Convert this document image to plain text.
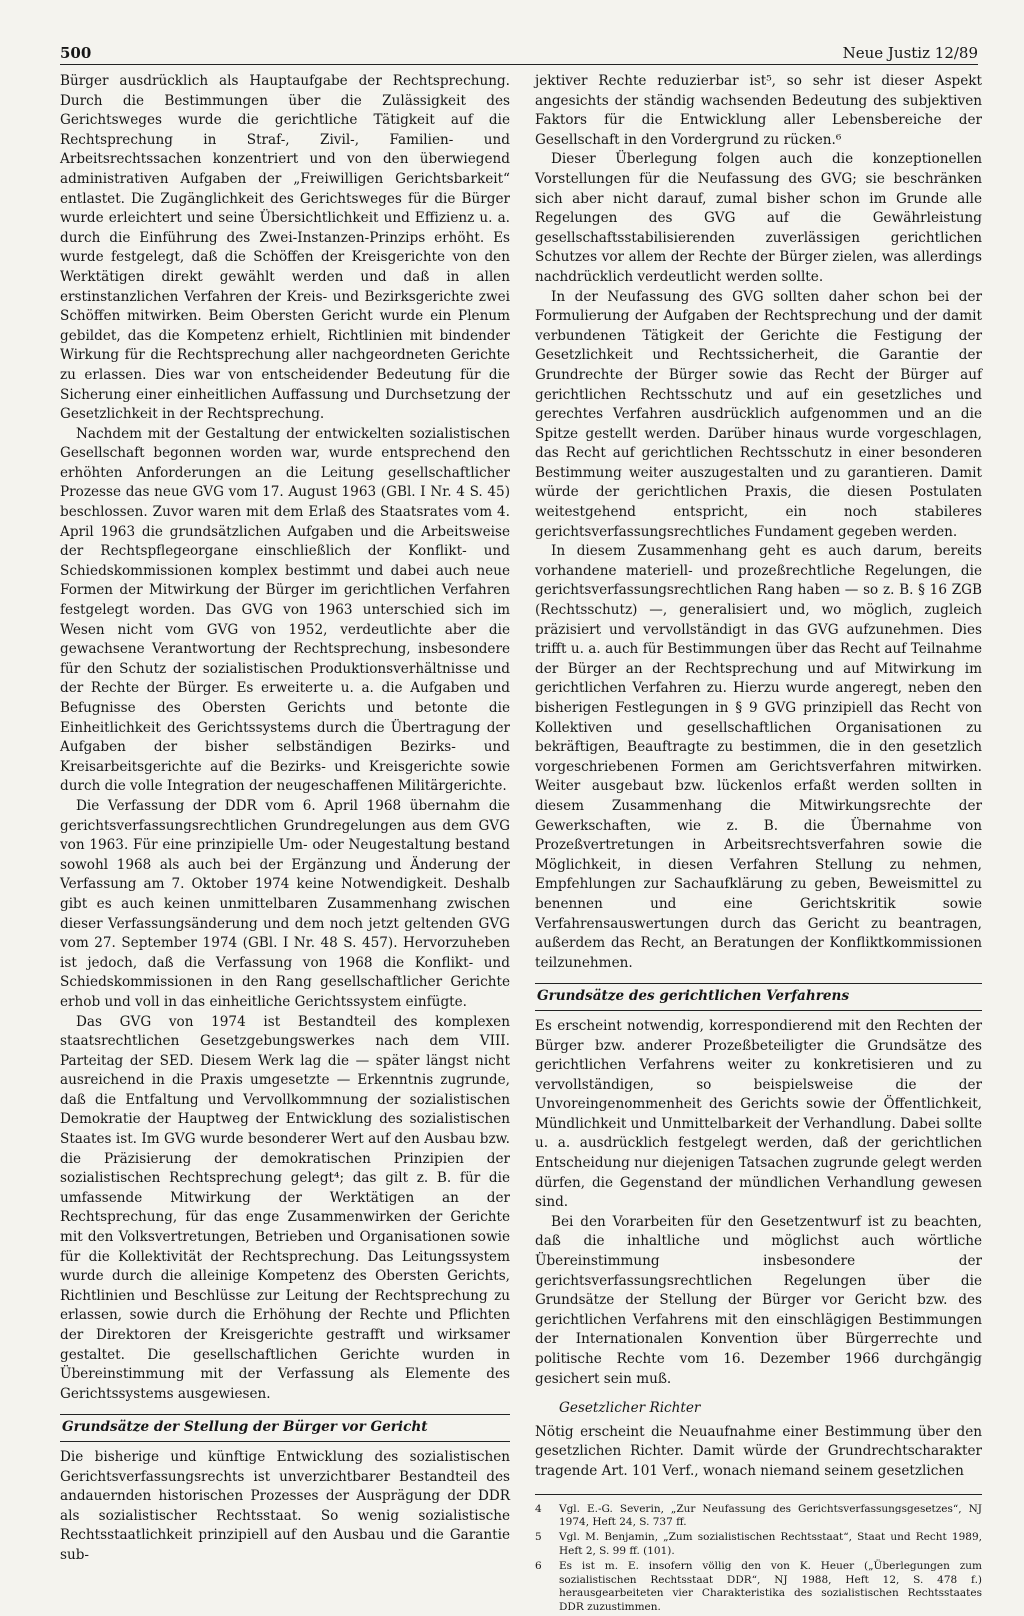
500	Neue Justiz 12/89

Bürger ausdrücklich als Hauptaufgabe der Rechtsprechung. Durch die Bestimmungen über die Zulässigkeit des Gerichtsweges wurde die gerichtliche Tätigkeit auf die Rechtsprechung in Straf-, Zivil-, Familien- und Arbeitsrechtssachen konzentriert und von den überwiegend administrativen Aufgaben der „Freiwilligen Gerichtsbarkeit“ entlastet. Die Zugänglichkeit des Gerichtsweges für die Bürger wurde erleichtert und seine Übersichtlichkeit und Effizienz u. a. durch die Einführung des Zwei-Instanzen-Prinzips erhöht. Es wurde festgelegt, daß die Schöffen der Kreisgerichte von den Werktätigen direkt gewählt werden und daß in allen erstinstanzlichen Verfahren der Kreis- und Bezirksgerichte zwei Schöffen mitwirken. Beim Obersten Gericht wurde ein Plenum gebildet, das die Kompetenz erhielt, Richtlinien mit bindender Wirkung für die Rechtsprechung aller nachgeordneten Gerichte zu erlassen. Dies war von entscheidender Bedeutung für die Sicherung einer einheitlichen Auffassung und Durchsetzung der Gesetzlichkeit in der Rechtsprechung.

Nachdem mit der Gestaltung der entwickelten sozialistischen Gesellschaft begonnen worden war, wurde entsprechend den erhöhten Anforderungen an die Leitung gesellschaftlicher Prozesse das neue GVG vom 17. August 1963 (GBl. I Nr. 4 S. 45) beschlossen. Zuvor waren mit dem Erlaß des Staatsrates vom 4. April 1963 die grundsätzlichen Aufgaben und die Arbeitsweise der Rechtspflegeorgane einschließlich der Konflikt- und Schiedskommissionen komplex bestimmt und dabei auch neue Formen der Mitwirkung der Bürger im gerichtlichen Verfahren festgelegt worden. Das GVG von 1963 unterschied sich im Wesen nicht vom GVG von 1952, verdeutlichte aber die gewachsene Verantwortung der Rechtsprechung, insbesondere für den Schutz der sozialistischen Produktionsverhältnisse und der Rechte der Bürger. Es erweiterte u. a. die Aufgaben und Befugnisse des Obersten Gerichts und betonte die Einheitlichkeit des Gerichtssystems durch die Übertragung der Aufgaben der bisher selbständigen Bezirks- und Kreisarbeitsgerichte auf die Bezirks- und Kreisgerichte sowie durch die volle Integration der neugeschaffenen Militärgerichte.

Die Verfassung der DDR vom 6. April 1968 übernahm die gerichtsverfassungsrechtlichen Grundregelungen aus dem GVG von 1963. Für eine prinzipielle Um- oder Neugestaltung bestand sowohl 1968 als auch bei der Ergänzung und Änderung der Verfassung am 7. Oktober 1974 keine Notwendigkeit. Deshalb gibt es auch keinen unmittelbaren Zusammenhang zwischen dieser Verfassungsänderung und dem noch jetzt geltenden GVG vom 27. September 1974 (GBl. I Nr. 48 S. 457). Hervorzuheben ist jedoch, daß die Verfassung von 1968 die Konflikt- und Schiedskommissionen in den Rang gesellschaftlicher Gerichte erhob und voll in das einheitliche Gerichtssystem einfügte.

Das GVG von 1974 ist Bestandteil des komplexen staatsrechtlichen Gesetzgebungswerkes nach dem VIII. Parteitag der SED. Diesem Werk lag die — später längst nicht ausreichend in die Praxis umgesetzte — Erkenntnis zugrunde, daß die Entfaltung und Vervollkommnung der sozialistischen Demokratie der Hauptweg der Entwicklung des sozialistischen Staates ist. Im GVG wurde besonderer Wert auf den Ausbau bzw. die Präzisierung der demokratischen Prinzipien der sozialistischen Rechtsprechung gelegt⁴; das gilt z. B. für die umfassende Mitwirkung der Werktätigen an der Rechtsprechung, für das enge Zusammenwirken der Gerichte mit den Volksvertretungen, Betrieben und Organisationen sowie für die Kollektivität der Rechtsprechung. Das Leitungssystem wurde durch die alleinige Kompetenz des Obersten Gerichts, Richtlinien und Beschlüsse zur Leitung der Rechtsprechung zu erlassen, sowie durch die Erhöhung der Rechte und Pflichten der Direktoren der Kreisgerichte gestrafft und wirksamer gestaltet. Die gesellschaftlichen Gerichte wurden in Übereinstimmung mit der Verfassung als Elemente des Gerichtssystems ausgewiesen.

Grundsätze der Stellung der Bürger vor Gericht

Die bisherige und künftige Entwicklung des sozialistischen Gerichtsverfassungsrechts ist unverzichtbarer Bestandteil des andauernden historischen Prozesses der Ausprägung der DDR als sozialistischer Rechtsstaat. So wenig sozialistische Rechtsstaatlichkeit prinzipiell auf den Ausbau und die Garantie sub-

jektiver Rechte reduzierbar ist⁵, so sehr ist dieser Aspekt angesichts der ständig wachsenden Bedeutung des subjektiven Faktors für die Entwicklung aller Lebensbereiche der Gesellschaft in den Vordergrund zu rücken.⁶

Dieser Überlegung folgen auch die konzeptionellen Vorstellungen für die Neufassung des GVG; sie beschränken sich aber nicht darauf, zumal bisher schon im Grunde alle Regelungen des GVG auf die Gewährleistung gesellschaftsstabilisierenden zuverlässigen gerichtlichen Schutzes vor allem der Rechte der Bürger zielen, was allerdings nachdrücklich verdeutlicht werden sollte.

In der Neufassung des GVG sollten daher schon bei der Formulierung der Aufgaben der Rechtsprechung und der damit verbundenen Tätigkeit der Gerichte die Festigung der Gesetzlichkeit und Rechtssicherheit, die Garantie der Grundrechte der Bürger sowie das Recht der Bürger auf gerichtlichen Rechtsschutz und auf ein gesetzliches und gerechtes Verfahren ausdrücklich aufgenommen und an die Spitze gestellt werden. Darüber hinaus wurde vorgeschlagen, das Recht auf gerichtlichen Rechtsschutz in einer besonderen Bestimmung weiter auszugestalten und zu garantieren. Damit würde der gerichtlichen Praxis, die diesen Postulaten weitestgehend entspricht, ein noch stabileres gerichtsverfassungsrechtliches Fundament gegeben werden.

In diesem Zusammenhang geht es auch darum, bereits vorhandene materiell- und prozeßrechtliche Regelungen, die gerichtsverfassungsrechtlichen Rang haben — so z. B. § 16 ZGB (Rechtsschutz) —, generalisiert und, wo möglich, zugleich präzisiert und vervollständigt in das GVG aufzunehmen. Dies trifft u. a. auch für Bestimmungen über das Recht auf Teilnahme der Bürger an der Rechtsprechung und auf Mitwirkung im gerichtlichen Verfahren zu. Hierzu wurde angeregt, neben den bisherigen Festlegungen in § 9 GVG prinzipiell das Recht von Kollektiven und gesellschaftlichen Organisationen zu bekräftigen, Beauftragte zu bestimmen, die in den gesetzlich vorgeschriebenen Formen am Gerichtsverfahren mitwirken. Weiter ausgebaut bzw. lückenlos erfaßt werden sollten in diesem Zusammenhang die Mitwirkungsrechte der Gewerkschaften, wie z. B. die Übernahme von Prozeßvertretungen in Arbeitsrechtsverfahren sowie die Möglichkeit, in diesen Verfahren Stellung zu nehmen, Empfehlungen zur Sachaufklärung zu geben, Beweismittel zu benennen und eine Gerichtskritik sowie Verfahrensauswertungen durch das Gericht zu beantragen, außerdem das Recht, an Beratungen der Konfliktkommissionen teilzunehmen.

Grundsätze des gerichtlichen Verfahrens

Es erscheint notwendig, korrespondierend mit den Rechten der Bürger bzw. anderer Prozeßbeteiligter die Grundsätze des gerichtlichen Verfahrens weiter zu konkretisieren und zu vervollständigen, so beispielsweise die der Unvoreingenommenheit des Gerichts sowie der Öffentlichkeit, Mündlichkeit und Unmittelbarkeit der Verhandlung. Dabei sollte u. a. ausdrücklich festgelegt werden, daß der gerichtlichen Entscheidung nur diejenigen Tatsachen zugrunde gelegt werden dürfen, die Gegenstand der mündlichen Verhandlung gewesen sind.

Bei den Vorarbeiten für den Gesetzentwurf ist zu beachten, daß die inhaltliche und möglichst auch wörtliche Übereinstimmung insbesondere der gerichtsverfassungsrechtlichen Regelungen über die Grundsätze der Stellung der Bürger vor Gericht bzw. des gerichtlichen Verfahrens mit den einschlägigen Bestimmungen der Internationalen Konvention über Bürgerrechte und politische Rechte vom 16. Dezember 1966 durchgängig gesichert sein muß.

Gesetzlicher Richter

Nötig erscheint die Neuaufnahme einer Bestimmung über den gesetzlichen Richter. Damit würde der Grundrechtscharakter tragende Art. 101 Verf., wonach niemand seinem gesetzlichen

4	Vgl. E.-G. Severin, „Zur Neufassung des Gerichtsverfassungsgesetzes“, NJ 1974, Heft 24, S. 737 ff.
5	Vgl. M. Benjamin, „Zum sozialistischen Rechtsstaat“, Staat und Recht 1989, Heft 2, S. 99 ff. (101).
6	Es ist m. E. insofern völlig den von K. Heuer („Überlegungen zum sozialistischen Rechtsstaat DDR“, NJ 1988, Heft 12, S. 478 f.) herausgearbeiteten vier Charakteristika des sozialistischen Rechtsstaates DDR zuzustimmen.
